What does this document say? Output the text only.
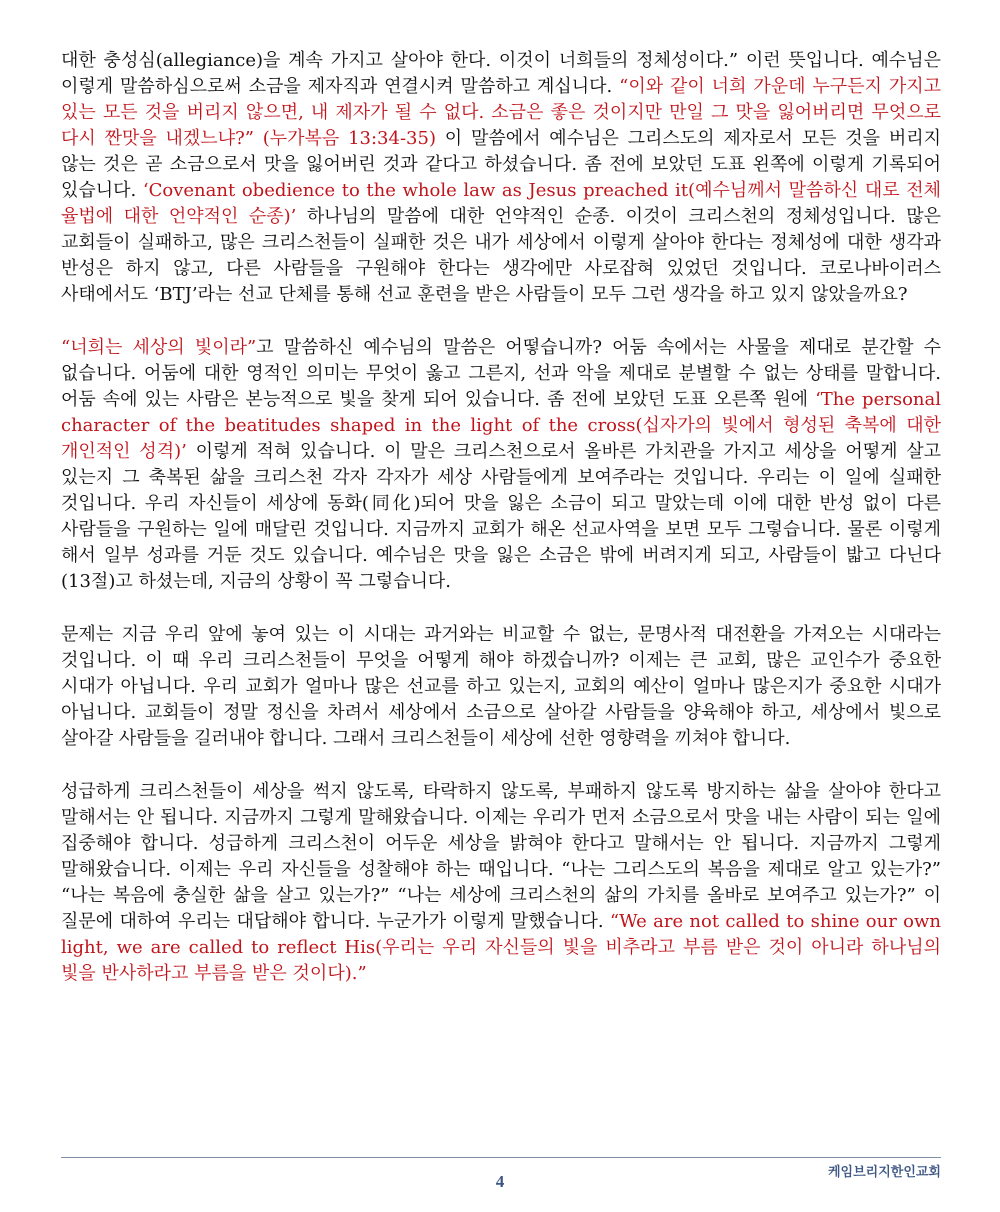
대한 충성심(allegiance)을 계속 가지고 살아야 한다. 이것이 너희들의 정체성이다.” 이런 뜻입니다. 예수님은 이렇게 말씀하심으로써 소금을 제자직과 연결시켜 말씀하고 계십니다. “이와 같이 너희 가운데 누구든지 가지고 있는 모든 것을 버리지 않으면, 내 제자가 될 수 없다. 소금은 좋은 것이지만 만일 그 맛을 잃어버리면 무엇으로 다시 짠맛을 내겠느냐?” (누가복음 13:34-35) 이 말씀에서 예수님은 그리스도의 제자로서 모든 것을 버리지 않는 것은 곧 소금으로서 맛을 잃어버린 것과 같다고 하셨습니다. 좀 전에 보았던 도표 왼쪽에 이렇게 기록되어 있습니다. ‘Covenant obedience to the whole law as Jesus preached it(예수님께서 말씀하신 대로 전체 율법에 대한 언약적인 순종)’ 하나님의 말씀에 대한 언약적인 순종. 이것이 크리스천의 정체성입니다. 많은 교회들이 실패하고, 많은 크리스천들이 실패한 것은 내가 세상에서 이렇게 살아야 한다는 정체성에 대한 생각과 반성은 하지 않고, 다른 사람들을 구원해야 한다는 생각에만 사로잡혀 있었던 것입니다. 코로나바이러스 사태에서도 ‘BTJ’라는 선교 단체를 통해 선교 훈련을 받은 사람들이 모두 그런 생각을 하고 있지 않았을까요?

“너희는 세상의 빛이라”고 말씀하신 예수님의 말씀은 어떻습니까? 어둠 속에서는 사물을 제대로 분간할 수 없습니다. 어둠에 대한 영적인 의미는 무엇이 옳고 그른지, 선과 악을 제대로 분별할 수 없는 상태를 말합니다. 어둠 속에 있는 사람은 본능적으로 빛을 찾게 되어 있습니다. 좀 전에 보았던 도표 오른쪽 원에 ‘The personal character of the beatitudes shaped in the light of the cross(십자가의 빛에서 형성된 축복에 대한 개인적인 성격)’ 이렇게 적혀 있습니다. 이 말은 크리스천으로서 올바른 가치관을 가지고 세상을 어떻게 살고 있는지 그 축복된 삶을 크리스천 각자 각자가 세상 사람들에게 보여주라는 것입니다. 우리는 이 일에 실패한 것입니다. 우리 자신들이 세상에 동화(同化)되어 맛을 잃은 소금이 되고 말았는데 이에 대한 반성 없이 다른 사람들을 구원하는 일에 매달린 것입니다. 지금까지 교회가 해온 선교사역을 보면 모두 그렇습니다. 물론 이렇게 해서 일부 성과를 거둔 것도 있습니다. 예수님은 맛을 잃은 소금은 밖에 버려지게 되고, 사람들이 밟고 다닌다(13절)고 하셨는데, 지금의 상황이 꼭 그렇습니다.

문제는 지금 우리 앞에 놓여 있는 이 시대는 과거와는 비교할 수 없는, 문명사적 대전환을 가져오는 시대라는 것입니다. 이 때 우리 크리스천들이 무엇을 어떻게 해야 하겠습니까? 이제는 큰 교회, 많은 교인수가 중요한 시대가 아닙니다. 우리 교회가 얼마나 많은 선교를 하고 있는지, 교회의 예산이 얼마나 많은지가 중요한 시대가 아닙니다. 교회들이 정말 정신을 차려서 세상에서 소금으로 살아갈 사람들을 양육해야 하고, 세상에서 빛으로 살아갈 사람들을 길러내야 합니다. 그래서 크리스천들이 세상에 선한 영향력을 끼쳐야 합니다.

성급하게 크리스천들이 세상을 썩지 않도록, 타락하지 않도록, 부패하지 않도록 방지하는 삶을 살아야 한다고 말해서는 안 됩니다. 지금까지 그렇게 말해왔습니다. 이제는 우리가 먼저 소금으로서 맛을 내는 사람이 되는 일에 집중해야 합니다. 성급하게 크리스천이 어두운 세상을 밝혀야 한다고 말해서는 안 됩니다. 지금까지 그렇게 말해왔습니다. 이제는 우리 자신들을 성찰해야 하는 때입니다. “나는 그리스도의 복음을 제대로 알고 있는가?” “나는 복음에 충실한 삶을 살고 있는가?” “나는 세상에 크리스천의 삶의 가치를 올바로 보여주고 있는가?” 이 질문에 대하여 우리는 대답해야 합니다. 누군가가 이렇게 말했습니다. “We are not called to shine our own light, we are called to reflect His(우리는 우리 자신들의 빛을 비추라고 부름 받은 것이 아니라 하나님의 빛을 반사하라고 부름을 받은 것이다).”

케임브리지한인교회
4
